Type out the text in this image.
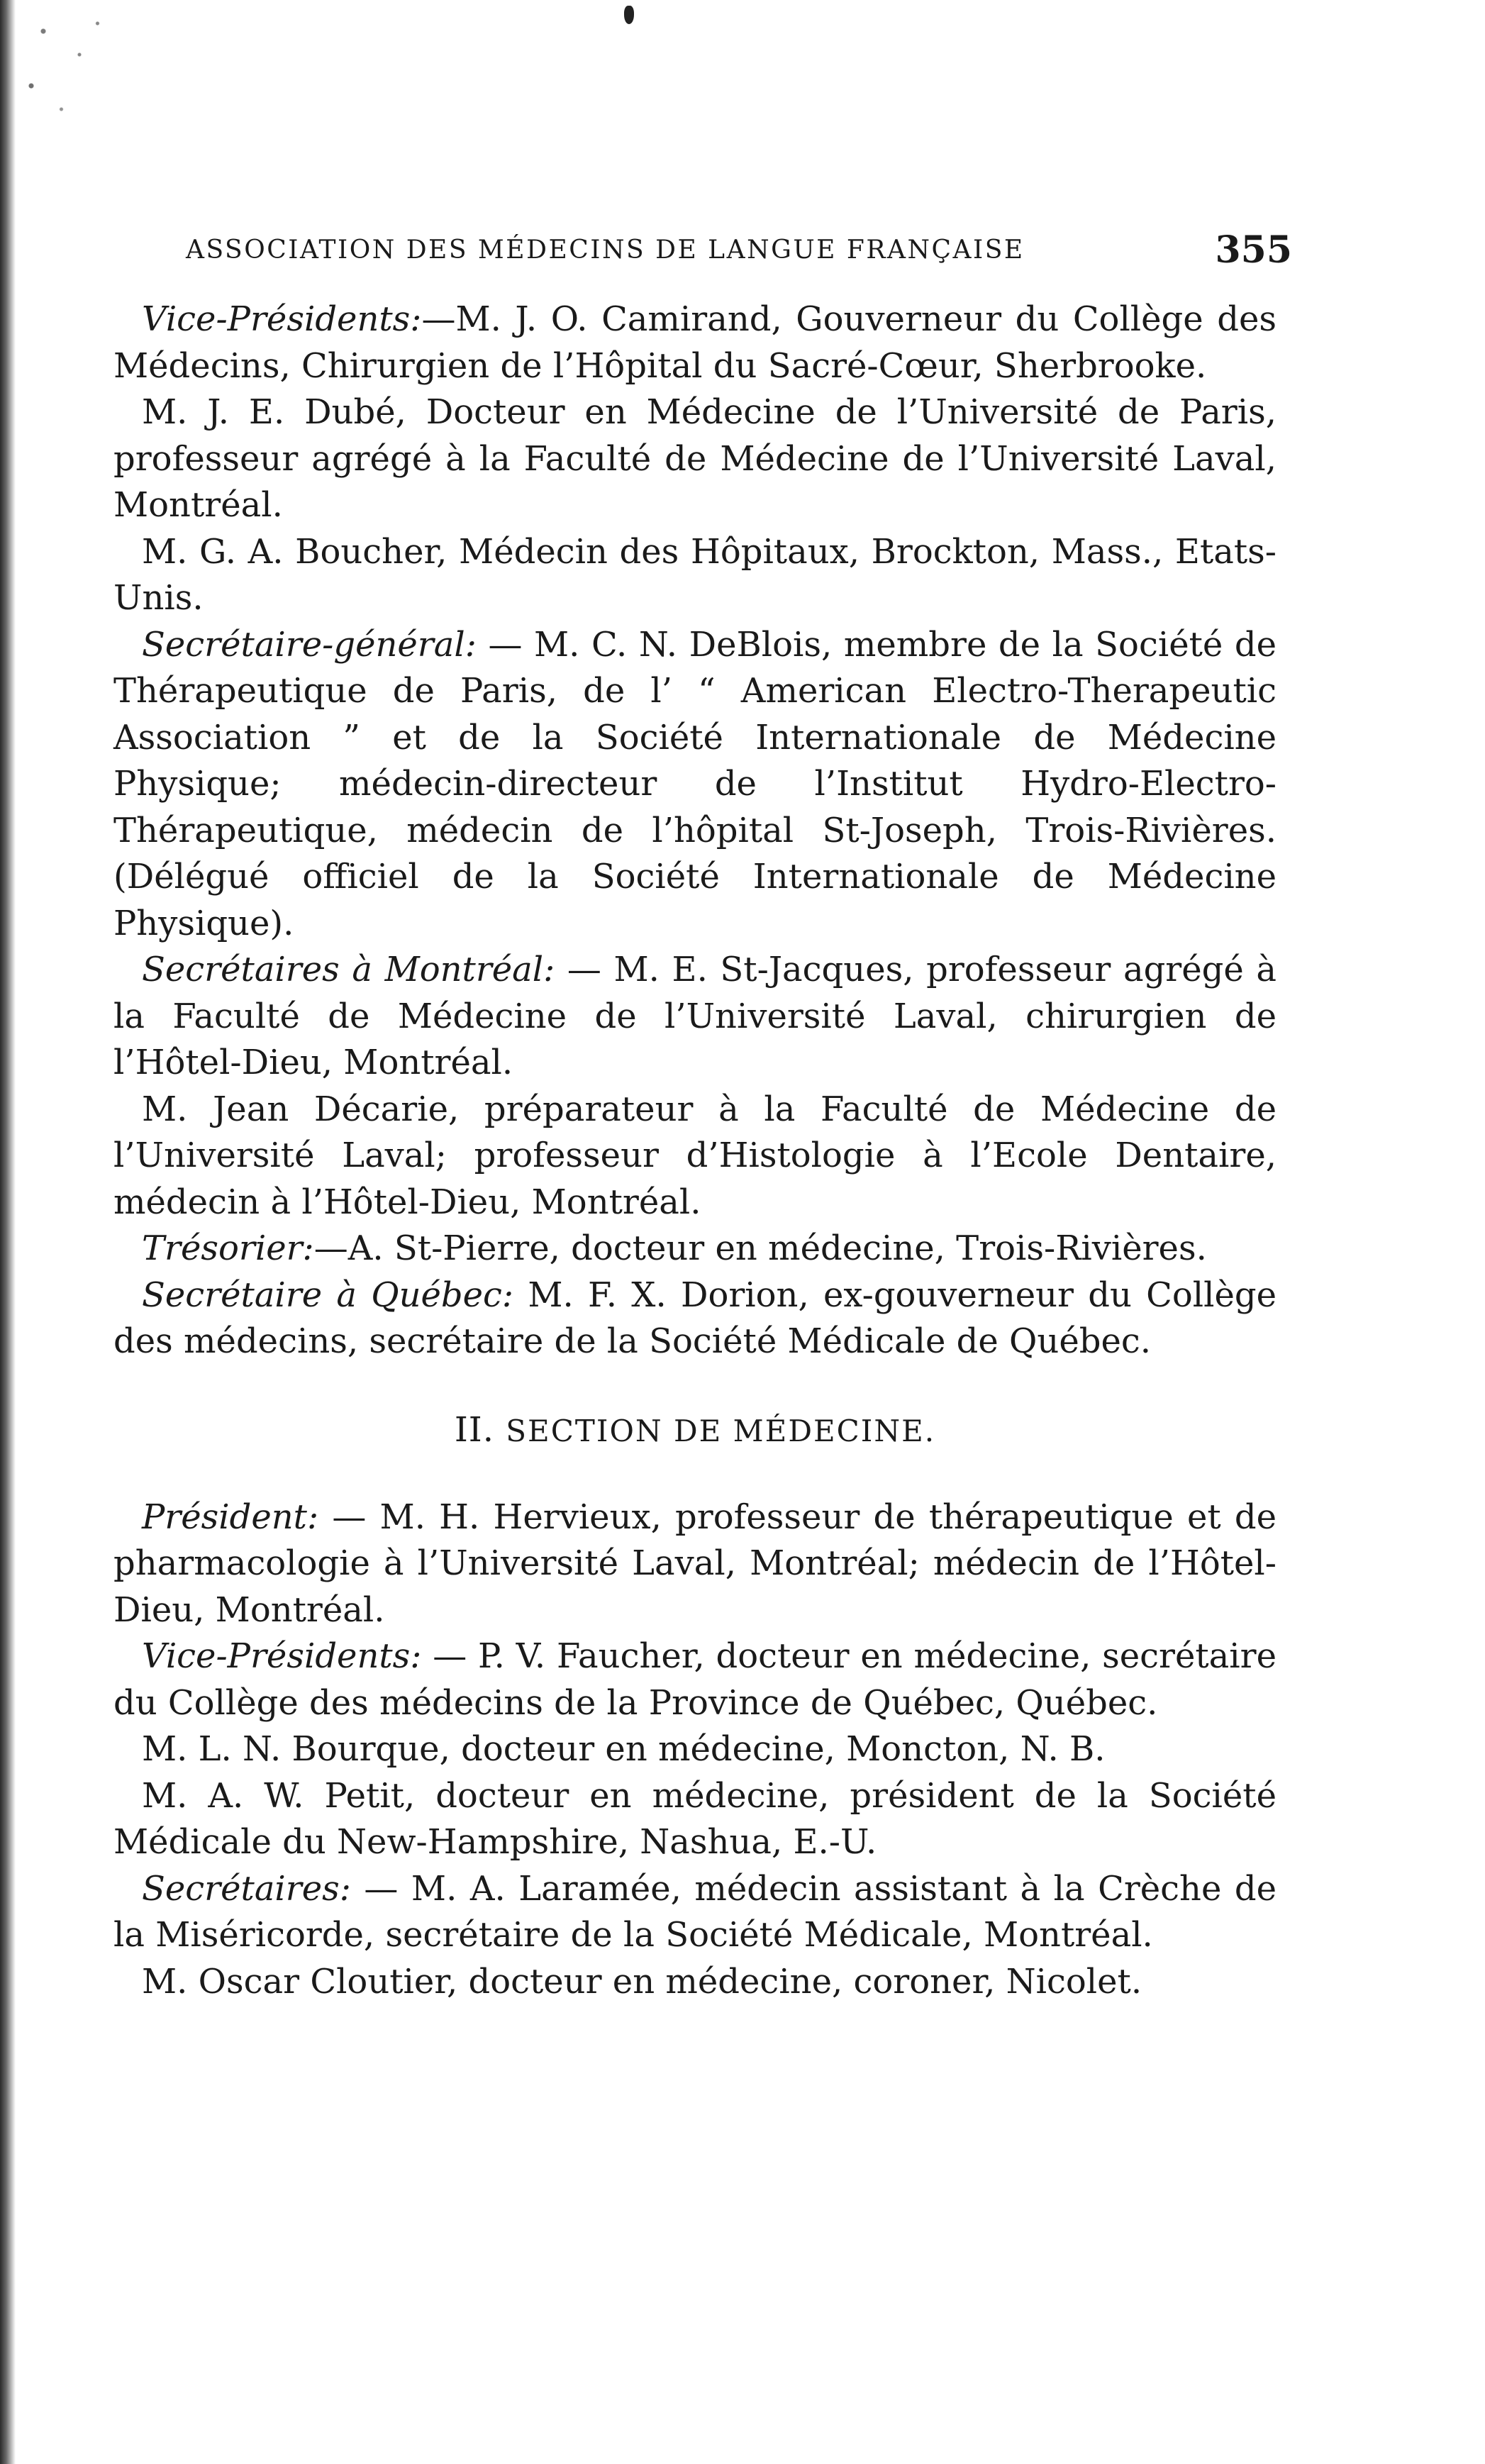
ASSOCIATION DES MÉDECINS DE LANGUE FRANÇAISE	355

Vice-Présidents:—M. J. O. Camirand, Gouverneur du Collège des Médecins, Chirurgien de l’Hôpital du Sacré-Cœur, Sherbrooke.

M. J. E. Dubé, Docteur en Médecine de l’Université de Paris, professeur agrégé à la Faculté de Médecine de l’Université Laval, Montréal.

M. G. A. Boucher, Médecin des Hôpitaux, Brockton, Mass., Etats-Unis.

Secrétaire-général: — M. C. N. DeBlois, membre de la Société de Thérapeutique de Paris, de l’ “ American Electro-Therapeutic Association ” et de la Société Internationale de Médecine Physique; médecin-directeur de l’Institut Hydro-Electro-Thérapeutique, médecin de l’hôpital St-Joseph, Trois-Rivières. (Délégué officiel de la Société Internationale de Médecine Physique).

Secrétaires à Montréal: — M. E. St-Jacques, professeur agrégé à la Faculté de Médecine de l’Université Laval, chirurgien de l’Hôtel-Dieu, Montréal.

M. Jean Décarie, préparateur à la Faculté de Médecine de l’Université Laval; professeur d’Histologie à l’Ecole Dentaire, médecin à l’Hôtel-Dieu, Montréal.

Trésorier:—A. St-Pierre, docteur en médecine, Trois-Rivières.

Secrétaire à Québec: M. F. X. Dorion, ex-gouverneur du Collège des médecins, secrétaire de la Société Médicale de Québec.

II. SECTION DE MÉDECINE.

Président: — M. H. Hervieux, professeur de thérapeutique et de pharmacologie à l’Université Laval, Montréal; médecin de l’Hôtel-Dieu, Montréal.

Vice-Présidents: — P. V. Faucher, docteur en médecine, secrétaire du Collège des médecins de la Province de Québec, Québec.

M. L. N. Bourque, docteur en médecine, Moncton, N. B.

M. A. W. Petit, docteur en médecine, président de la Société Médicale du New-Hampshire, Nashua, E.-U.

Secrétaires: — M. A. Laramée, médecin assistant à la Crèche de la Miséricorde, secrétaire de la Société Médicale, Montréal.

M. Oscar Cloutier, docteur en médecine, coroner, Nicolet.
